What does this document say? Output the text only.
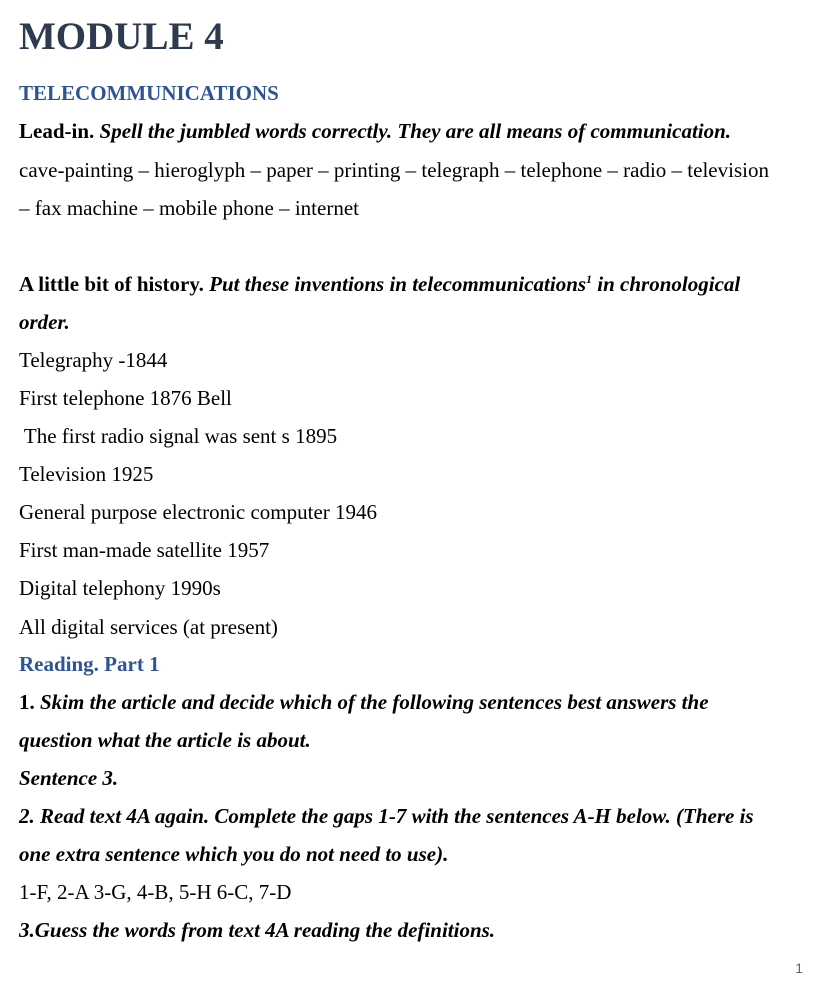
MODULE 4
TELECOMMUNICATIONS
Lead-in. Spell the jumbled words correctly. They are all means of communication.
cave-painting – hieroglyph – paper – printing – telegraph – telephone – radio – television
– fax machine – mobile phone – internet
A little bit of history. Put these inventions in telecommunications$^1$ in chronological
order.
Telegraphy -1844
First telephone 1876 Bell
The first radio signal was sent s 1895
Television 1925
General purpose electronic computer 1946
First man-made satellite 1957
Digital telephony 1990s
All digital services (at present)
Reading. Part 1
1. Skim the article and decide which of the following sentences best answers the
question what the article is about.
Sentence 3.
2. Read text 4A again. Complete the gaps 1-7 with the sentences A-H below. (There is
one extra sentence which you do not need to use).
1-F, 2-A 3-G, 4-B, 5-H 6-C, 7-D
3.Guess the words from text 4A reading the definitions.
1
